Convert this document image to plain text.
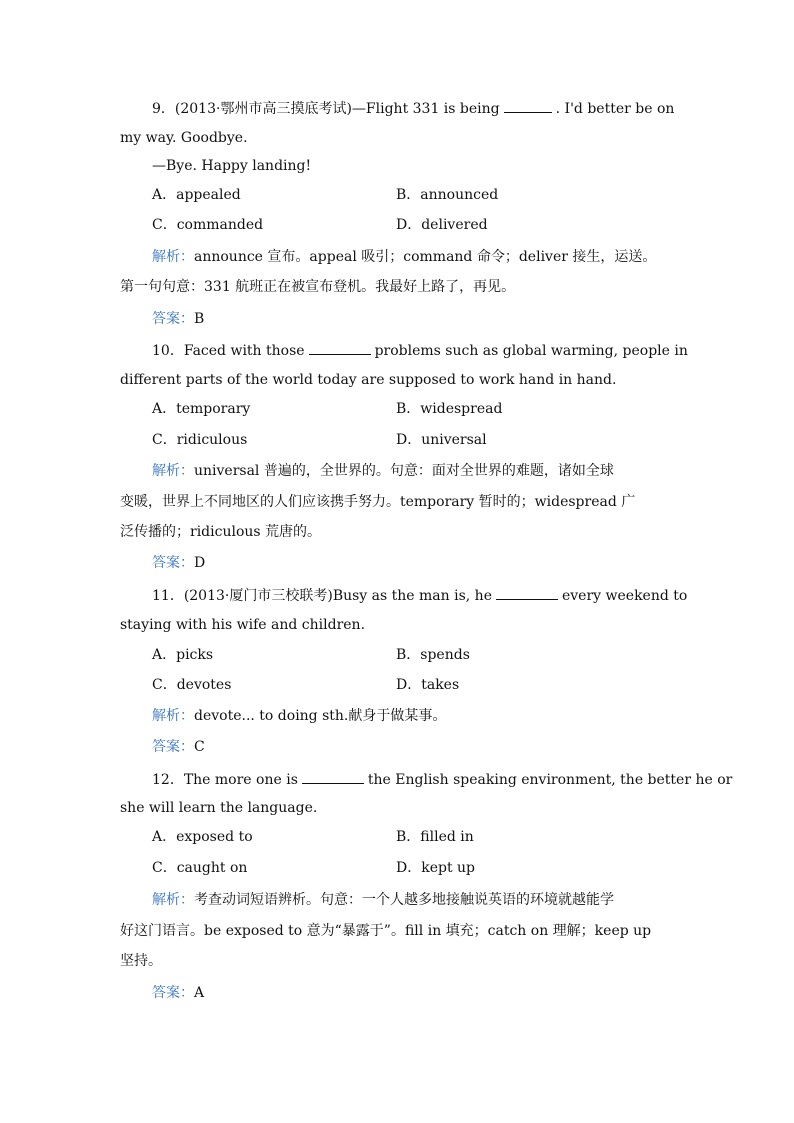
9．(2013·鄂州市高三摸底考试)—Flight 331 is being	. I'd better be on
my way. Goodbye.
—Bye. Happy landing!
A．appealed	B．announced
C．commanded	D．delivered
解析：announce 宣布。appeal 吸引；command 命令；deliver 接生，运送。
第一句句意：331 航班正在被宣布登机。我最好上路了，再见。
答案：B
10．Faced with those	problems such as global warming, people in
different parts of the world today are supposed to work hand in hand.
A．temporary	B．widespread
C．ridiculous	D．universal
解析：universal 普遍的，全世界的。句意：面对全世界的难题，诸如全球
变暖，世界上不同地区的人们应该携手努力。temporary 暂时的；widespread 广
泛传播的；ridiculous 荒唐的。
答案：D
11．(2013·厦门市三校联考)Busy as the man is, he	every weekend to
staying with his wife and children.
A．picks	B．spends
C．devotes	D．takes
解析：devote... to doing sth.献身于做某事。
答案：C
12．The more one is	the English speaking environment, the better he or
she will learn the language.
A．exposed to	B．filled in
C．caught on	D．kept up
解析：考查动词短语辨析。句意：一个人越多地接触说英语的环境就越能学
好这门语言。be exposed to 意为“暴露于”。fill in 填充；catch on 理解；keep up
坚持。
答案：A
